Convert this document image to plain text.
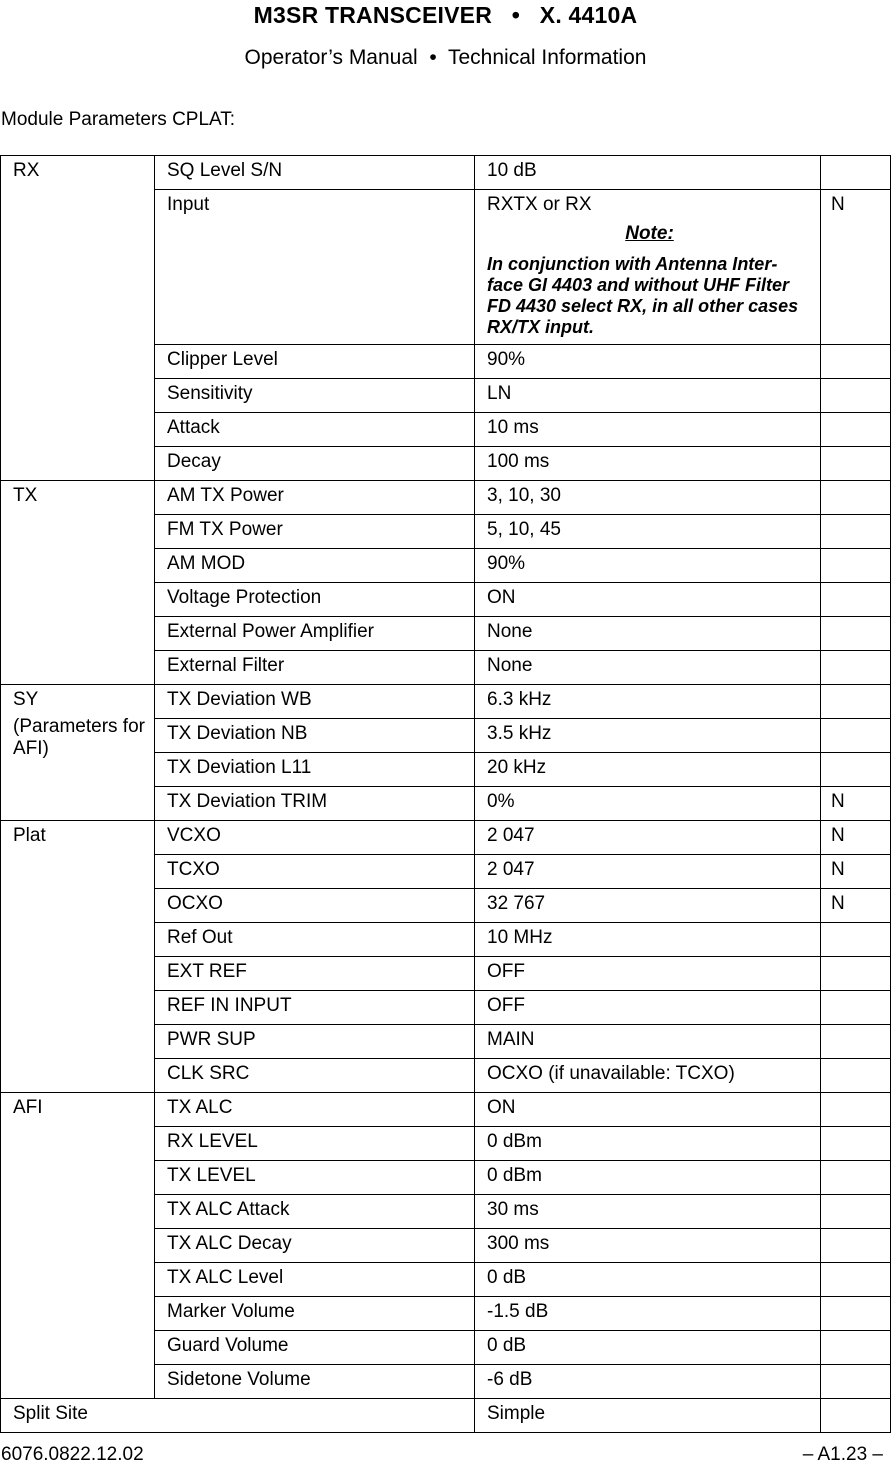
M3SR TRANSCEIVER   •   X. 4410A
Operator’s Manual  •  Technical Information
Module Parameters CPLAT:
RX	SQ Level S/N	10 dB	
	Input	RXTX or RX
Note:
In conjunction with Antenna Inter-face GI 4403 and without UHF Filter FD 4430 select RX, in all other cases RX/TX input.	N
	Clipper Level	90%	
	Sensitivity	LN	
	Attack	10 ms	
	Decay	100 ms	
TX	AM TX Power	3, 10, 30	
	FM TX Power	5, 10, 45	
	AM MOD	90%	
	Voltage Protection	ON	
	External Power Amplifier	None	
	External Filter	None	

SY
(Parameters for AFI)	TX Deviation WB	6.3 kHz	
	TX Deviation NB	3.5 kHz	
	TX Deviation L11	20 kHz	
	TX Deviation TRIM	0%	N
Plat	VCXO	2 047	N
	TCXO	2 047	N
	OCXO	32 767	N
	Ref Out	10 MHz	
	EXT REF	OFF	
	REF IN INPUT	OFF	
	PWR SUP	MAIN	
	CLK SRC	OCXO (if unavailable: TCXO)	
AFI	TX ALC	ON	
	RX LEVEL	0 dBm	
	TX LEVEL	0 dBm	
	TX ALC Attack	30 ms	
	TX ALC Decay	300 ms	
	TX ALC Level	0 dB	
	Marker Volume	-1.5 dB	
	Guard Volume	0 dB	
	Sidetone Volume	-6 dB	
Split Site		Simple	
6076.0822.12.02	– A1.23 –
